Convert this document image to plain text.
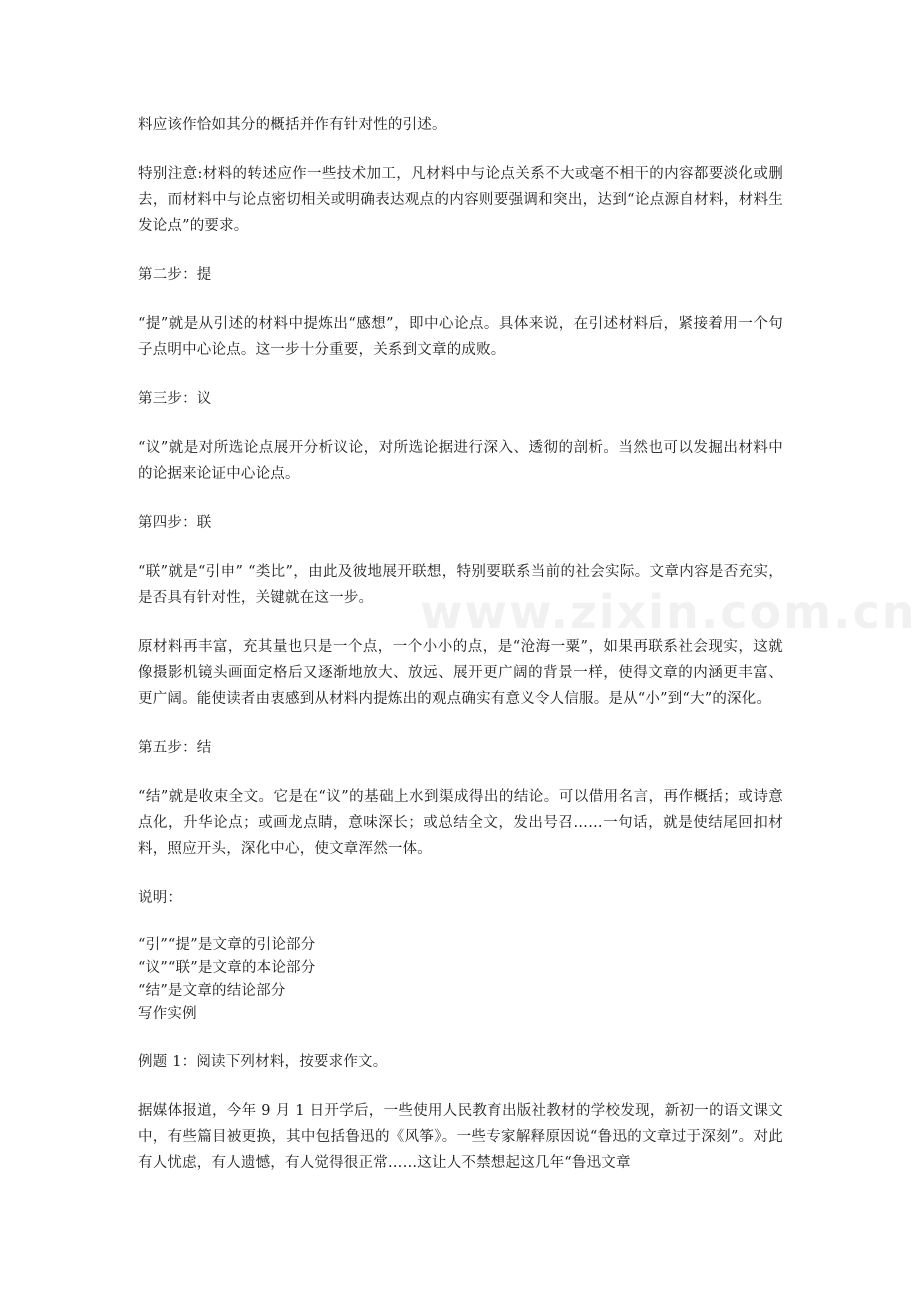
www.zixin.com.cn

料应该作恰如其分的概括并作有针对性的引述。

特别注意:材料的转述应作一些技术加工，凡材料中与论点关系不大或毫不相干的内容都要淡化或删去，而材料中与论点密切相关或明确表达观点的内容则要强调和突出，达到“论点源自材料，材料生发论点”的要求。

第二步：提

“提”就是从引述的材料中提炼出“感想”，即中心论点。具体来说，在引述材料后，紧接着用一个句子点明中心论点。这一步十分重要，关系到文章的成败。

第三步：议

“议”就是对所选论点展开分析议论，对所选论据进行深入、透彻的剖析。当然也可以发掘出材料中的论据来论证中心论点。

第四步：联

“联”就是“引申” “类比”，由此及彼地展开联想，特别要联系当前的社会实际。文章内容是否充实，是否具有针对性，关键就在这一步。

原材料再丰富，充其量也只是一个点，一个小小的点，是“沧海一粟”，如果再联系社会现实，这就像摄影机镜头画面定格后又逐渐地放大、放远、展开更广阔的背景一样，使得文章的内涵更丰富、更广阔。能使读者由衷感到从材料内提炼出的观点确实有意义令人信服。是从“小”到“大”的深化。

第五步：结

“结”就是收束全文。它是在“议”的基础上水到渠成得出的结论。可以借用名言，再作概括；或诗意点化，升华论点；或画龙点睛，意味深长；或总结全文，发出号召……一句话，就是使结尾回扣材料，照应开头，深化中心，使文章浑然一体。

说明：

“引”“提”是文章的引论部分

“议”“联”是文章的本论部分

“结”是文章的结论部分

写作实例

例题 1：阅读下列材料，按要求作文。

据媒体报道，今年 9 月 1 日开学后，一些使用人民教育出版社教材的学校发现，新初一的语文课文中，有些篇目被更换，其中包括鲁迅的《风筝》。一些专家解释原因说“鲁迅的文章过于深刻”。对此有人忧虑，有人遗憾，有人觉得很正常……这让人不禁想起这几年“鲁迅文章
